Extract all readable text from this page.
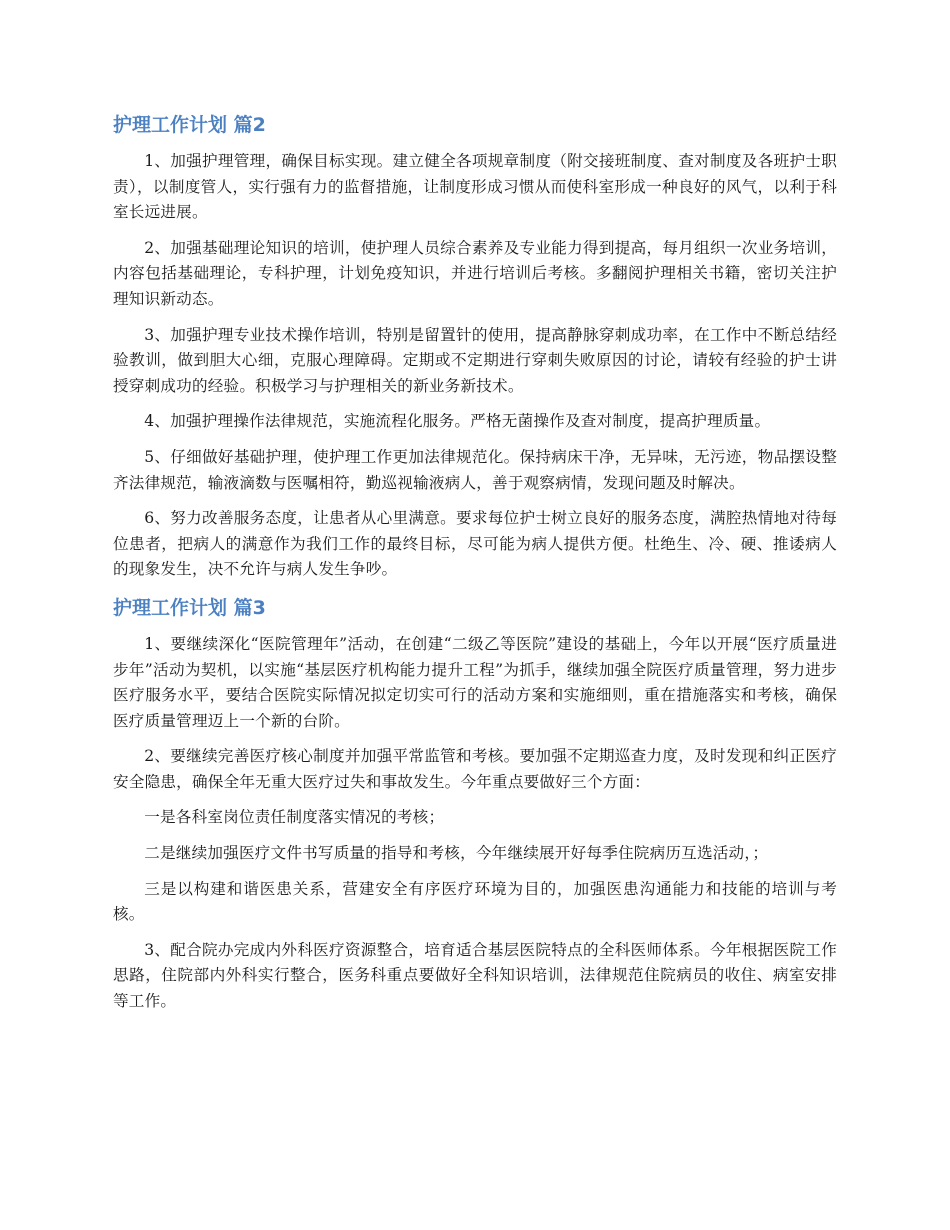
护理工作计划 篇2

1、加强护理管理，确保目标实现。建立健全各项规章制度（附交接班制度、查对制度及各班护士职责），以制度管人，实行强有力的监督措施，让制度形成习惯从而使科室形成一种良好的风气，以利于科室长远进展。

2、加强基础理论知识的培训，使护理人员综合素养及专业能力得到提高，每月组织一次业务培训，内容包括基础理论，专科护理，计划免疫知识，并进行培训后考核。多翻阅护理相关书籍，密切关注护理知识新动态。

3、加强护理专业技术操作培训，特别是留置针的使用，提高静脉穿刺成功率，在工作中不断总结经验教训，做到胆大心细，克服心理障碍。定期或不定期进行穿刺失败原因的讨论，请较有经验的护士讲授穿刺成功的经验。积极学习与护理相关的新业务新技术。

4、加强护理操作法律规范，实施流程化服务。严格无菌操作及查对制度，提高护理质量。

5、仔细做好基础护理，使护理工作更加法律规范化。保持病床干净，无异味，无污迹，物品摆设整齐法律规范，输液滴数与医嘱相符，勤巡视输液病人，善于观察病情，发现问题及时解决。

6、努力改善服务态度，让患者从心里满意。要求每位护士树立良好的服务态度，满腔热情地对待每位患者，把病人的满意作为我们工作的最终目标，尽可能为病人提供方便。杜绝生、冷、硬、推诿病人的现象发生，决不允许与病人发生争吵。

护理工作计划 篇3

1、要继续深化“医院管理年”活动，在创建“二级乙等医院”建设的基础上，今年以开展“医疗质量进步年”活动为契机，以实施“基层医疗机构能力提升工程”为抓手，继续加强全院医疗质量管理，努力进步医疗服务水平，要结合医院实际情况拟定切实可行的活动方案和实施细则，重在措施落实和考核，确保医疗质量管理迈上一个新的台阶。

2、要继续完善医疗核心制度并加强平常监管和考核。要加强不定期巡查力度，及时发现和纠正医疗安全隐患，确保全年无重大医疗过失和事故发生。今年重点要做好三个方面：

一是各科室岗位责任制度落实情况的考核；

二是继续加强医疗文件书写质量的指导和考核，今年继续展开好每季住院病历互选活动，；

三是以构建和谐医患关系，营建安全有序医疗环境为目的，加强医患沟通能力和技能的培训与考核。

3、配合院办完成内外科医疗资源整合，培育适合基层医院特点的全科医师体系。今年根据医院工作思路，住院部内外科实行整合，医务科重点要做好全科知识培训，法律规范住院病员的收住、病室安排等工作。
